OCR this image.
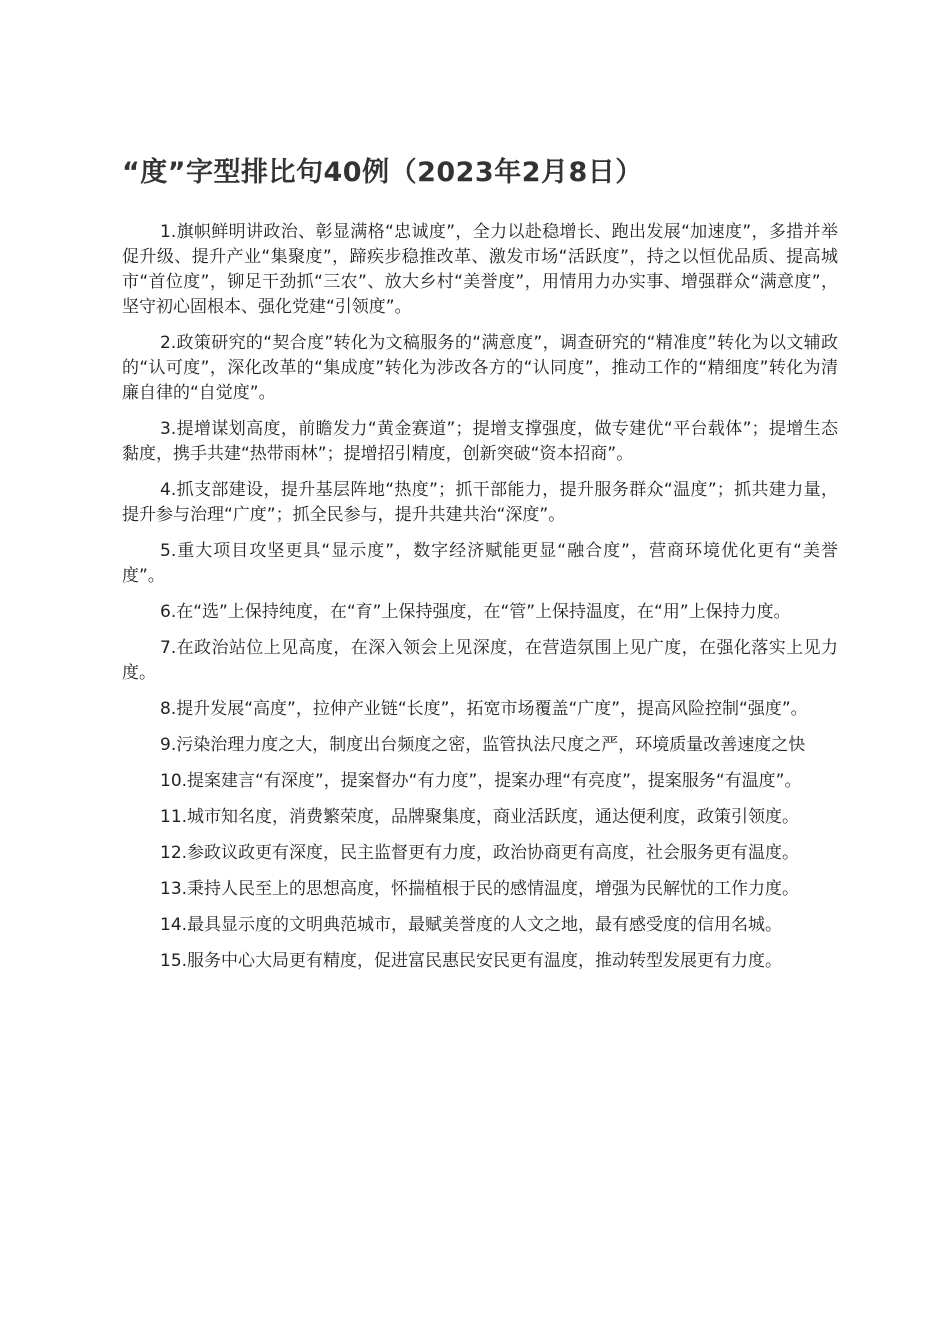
“度”字型排比句40例（2023年2月8日）

1.旗帜鲜明讲政治、彰显满格“忠诚度”，全力以赴稳增长、跑出发展“加速度”，多措并举促升级、提升产业“集聚度”，蹄疾步稳推改革、激发市场“活跃度”，持之以恒优品质、提高城市“首位度”，铆足干劲抓“三农”、放大乡村“美誉度”，用情用力办实事、增强群众“满意度”，坚守初心固根本、强化党建“引领度”。

2.政策研究的“契合度”转化为文稿服务的“满意度”，调查研究的“精准度”转化为以文辅政的“认可度”，深化改革的“集成度”转化为涉改各方的“认同度”，推动工作的“精细度”转化为清廉自律的“自觉度”。

3.提增谋划高度，前瞻发力“黄金赛道”；提增支撑强度，做专建优“平台载体”；提增生态黏度，携手共建“热带雨林”；提增招引精度，创新突破“资本招商”。

4.抓支部建设，提升基层阵地“热度”；抓干部能力，提升服务群众“温度”；抓共建力量，提升参与治理“广度”；抓全民参与，提升共建共治“深度”。

5.重大项目攻坚更具“显示度”，数字经济赋能更显“融合度”，营商环境优化更有“美誉度”。

6.在“选”上保持纯度，在“育”上保持强度，在“管”上保持温度，在“用”上保持力度。

7.在政治站位上见高度，在深入领会上见深度，在营造氛围上见广度，在强化落实上见力度。

8.提升发展“高度”，拉伸产业链“长度”，拓宽市场覆盖“广度”，提高风险控制“强度”。

9.污染治理力度之大，制度出台频度之密，监管执法尺度之严，环境质量改善速度之快

10.提案建言“有深度”，提案督办“有力度”，提案办理“有亮度”，提案服务“有温度”。

11.城市知名度，消费繁荣度，品牌聚集度，商业活跃度，通达便利度，政策引领度。

12.参政议政更有深度，民主监督更有力度，政治协商更有高度，社会服务更有温度。

13.秉持人民至上的思想高度，怀揣植根于民的感情温度，增强为民解忧的工作力度。

14.最具显示度的文明典范城市，最赋美誉度的人文之地，最有感受度的信用名城。

15.服务中心大局更有精度，促进富民惠民安民更有温度，推动转型发展更有力度。
